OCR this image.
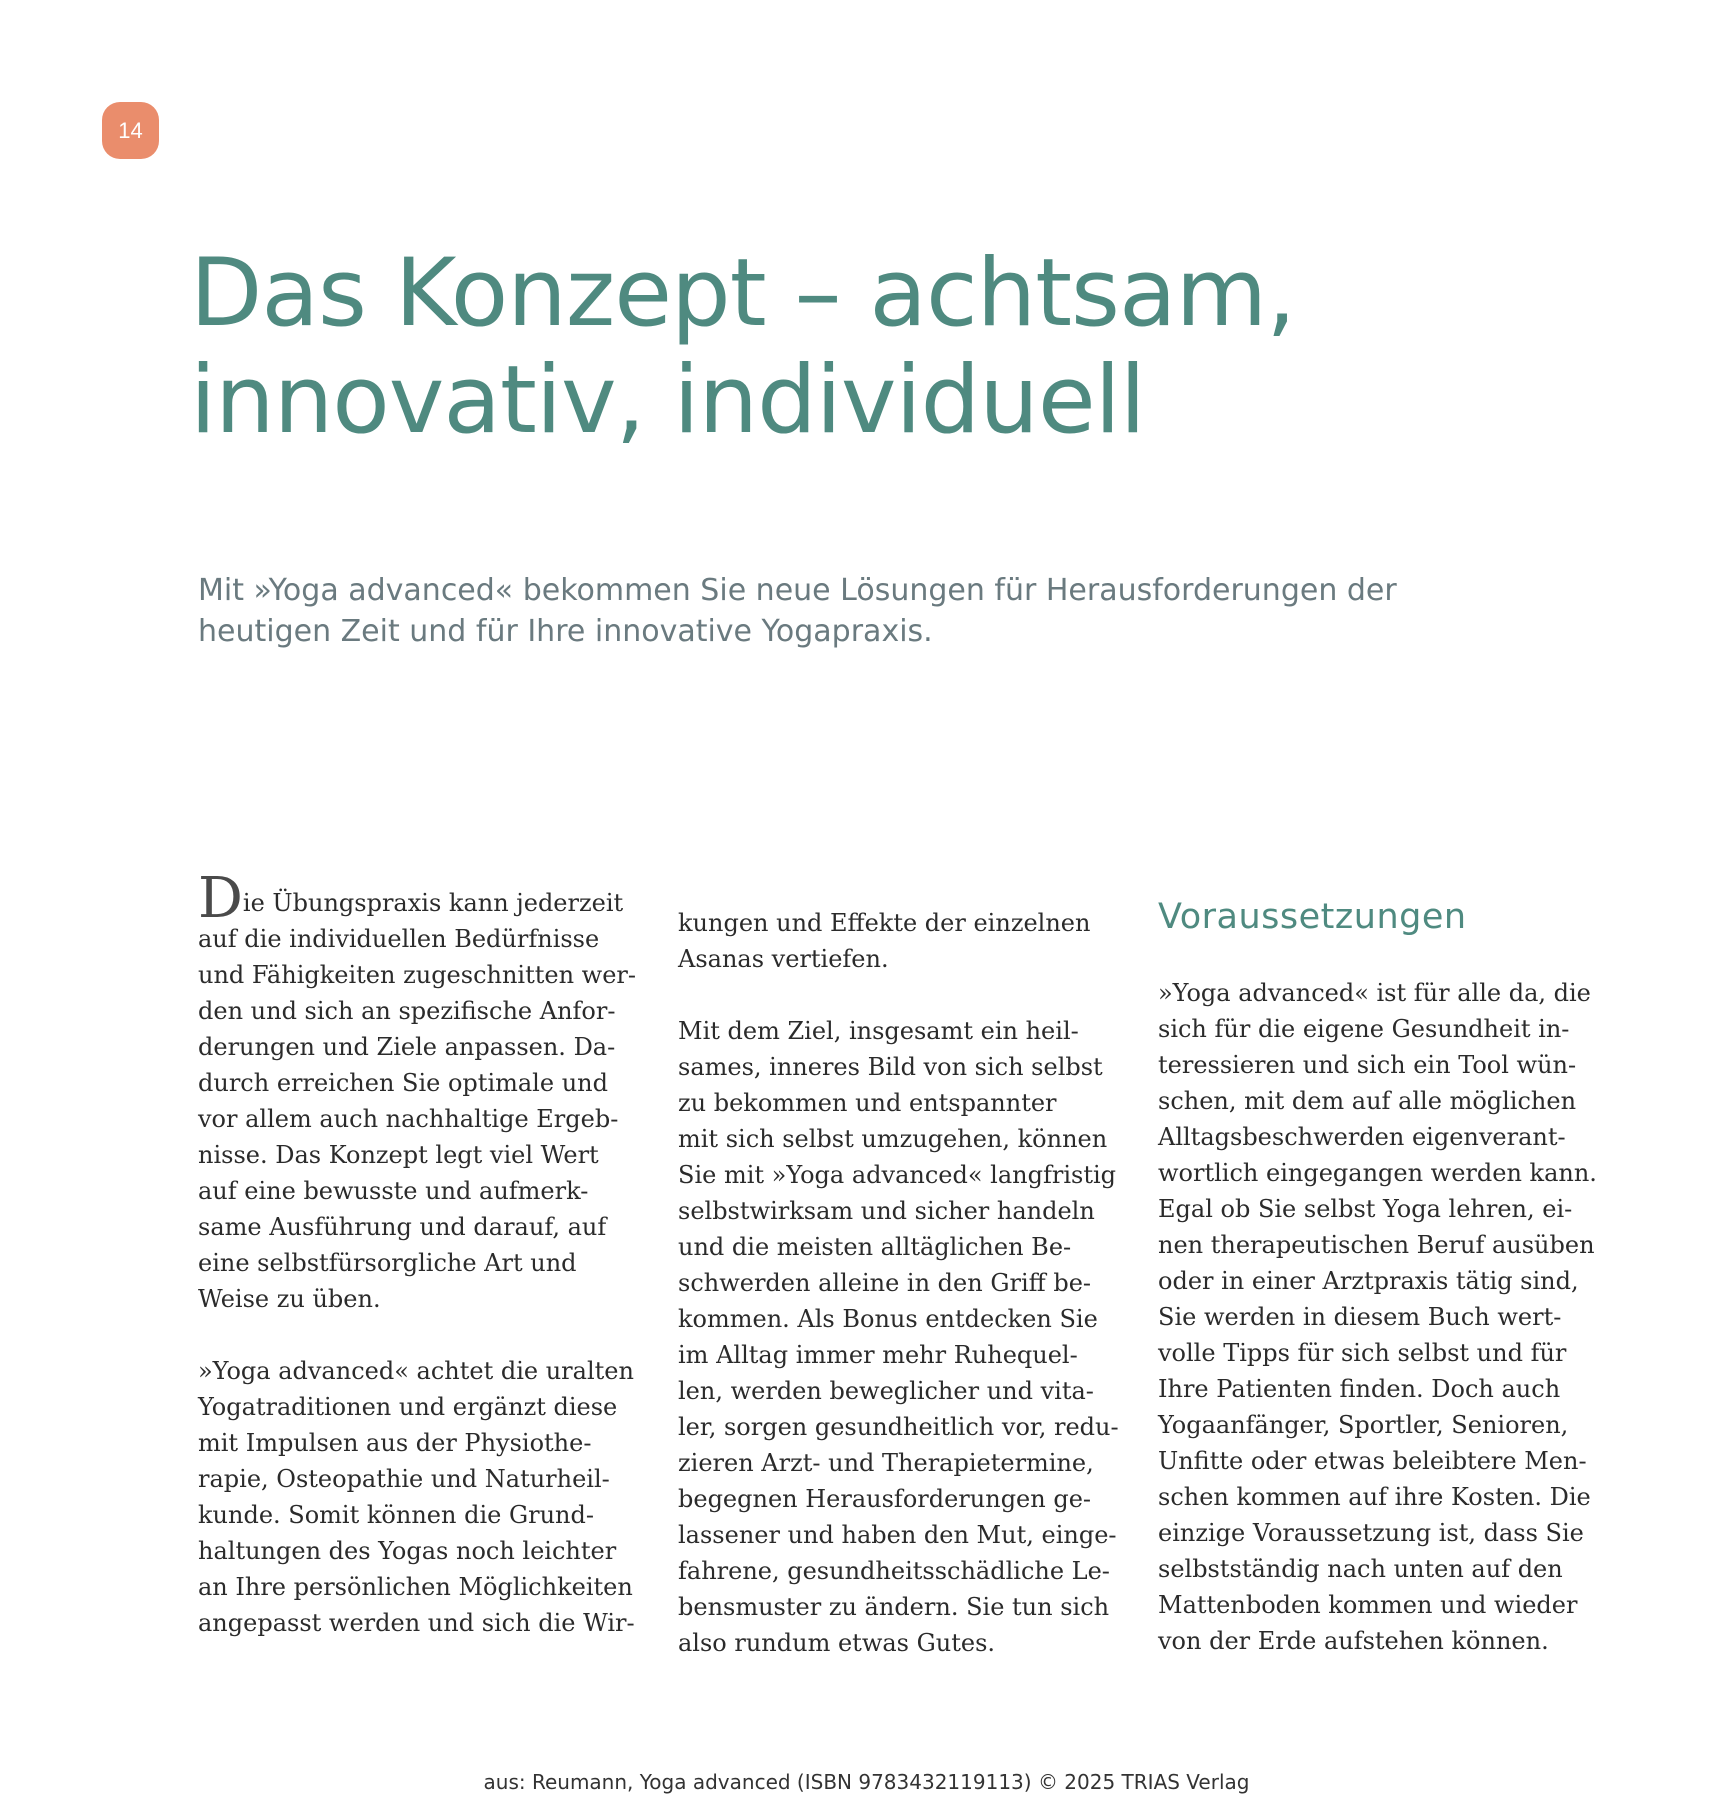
14
Das Konzept – achtsam,
innovativ, individuell

Mit »Yoga advanced« bekommen Sie neue Lösungen für Herausforderungen der
heutigen Zeit und für Ihre innovative Yogapraxis.

Die Übungspraxis kann jederzeit
auf die individuellen Bedürfnisse
und Fähigkeiten zugeschnitten wer-
den und sich an spezifische Anfor-
derungen und Ziele anpassen. Da-
durch erreichen Sie optimale und
vor allem auch nachhaltige Ergeb-
nisse. Das Konzept legt viel Wert
auf eine bewusste und aufmerk-
same Ausführung und darauf, auf
eine selbstfürsorgliche Art und
Weise zu üben.
»Yoga advanced« achtet die uralten
Yogatraditionen und ergänzt diese
mit Impulsen aus der Physiothe-
rapie, Osteopathie und Naturheil-
kunde. Somit können die Grund-
haltungen des Yogas noch leichter
an Ihre persönlichen Möglichkeiten
angepasst werden und sich die Wir-
kungen und Effekte der einzelnen
Asanas vertiefen.
Mit dem Ziel, insgesamt ein heil-
sames, inneres Bild von sich selbst
zu bekommen und entspannter
mit sich selbst umzugehen, können
Sie mit »Yoga advanced« langfristig
selbstwirksam und sicher handeln
und die meisten alltäglichen Be-
schwerden alleine in den Griff be-
kommen. Als Bonus entdecken Sie
im Alltag immer mehr Ruhequel-
len, werden beweglicher und vita-
ler, sorgen gesundheitlich vor, redu-
zieren Arzt- und Therapietermine,
begegnen Herausforderungen ge-
lassener und haben den Mut, einge-
fahrene, gesundheitsschädliche Le-
bensmuster zu ändern. Sie tun sich
also rundum etwas Gutes.
Voraussetzungen
»Yoga advanced« ist für alle da, die
sich für die eigene Gesundheit in-
teressieren und sich ein Tool wün-
schen, mit dem auf alle möglichen
Alltagsbeschwerden eigenverant-
wortlich eingegangen werden kann.
Egal ob Sie selbst Yoga lehren, ei-
nen therapeutischen Beruf ausüben
oder in einer Arztpraxis tätig sind,
Sie werden in diesem Buch wert-
volle Tipps für sich selbst und für
Ihre Patienten finden. Doch auch
Yogaanfänger, Sportler, Senioren,
Unfitte oder etwas beleibtere Men-
schen kommen auf ihre Kosten. Die
einzige Voraussetzung ist, dass Sie
selbstständig nach unten auf den
Mattenboden kommen und wieder
von der Erde aufstehen können.
aus: Reumann, Yoga advanced (ISBN 9783432119113) © 2025 TRIAS Verlag
